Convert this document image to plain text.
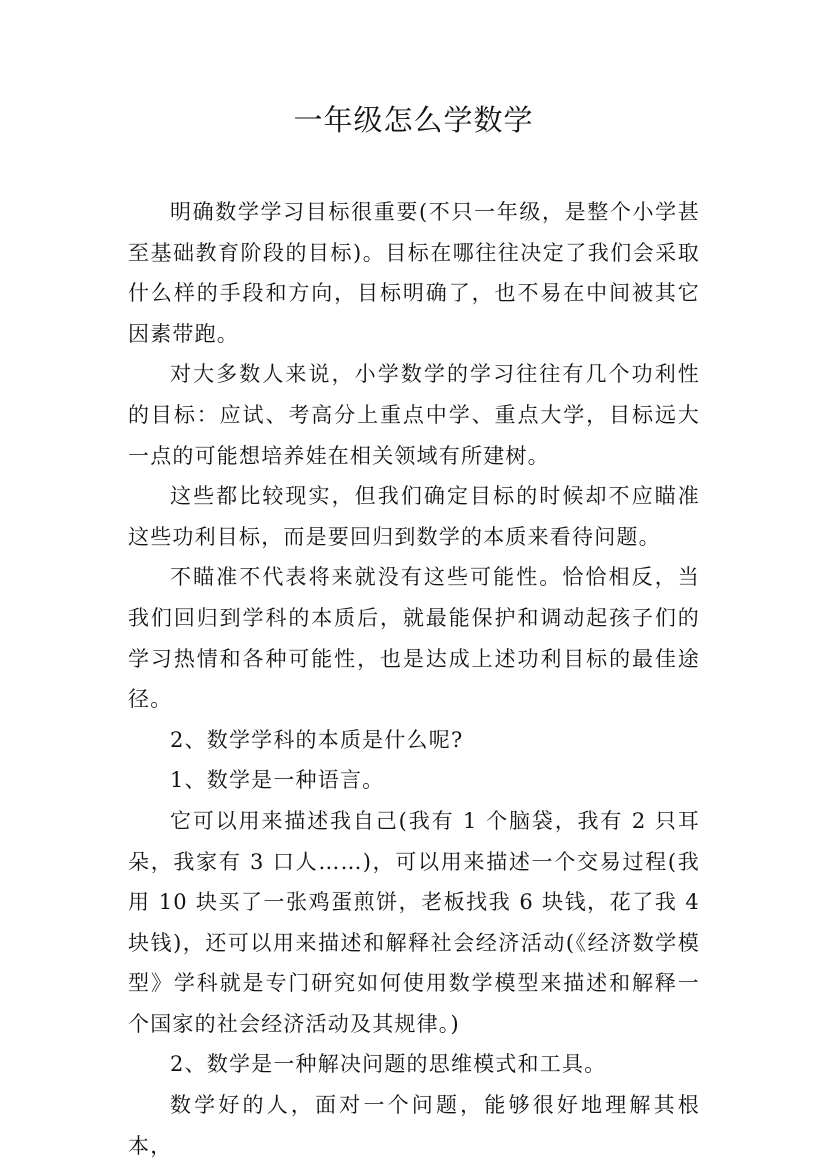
一年级怎么学数学

明确数学学习目标很重要(不只一年级，是整个小学甚至基础教育阶段的目标)。目标在哪往往决定了我们会采取什么样的手段和方向，目标明确了，也不易在中间被其它因素带跑。

对大多数人来说，小学数学的学习往往有几个功利性的目标：应试、考高分上重点中学、重点大学，目标远大一点的可能想培养娃在相关领域有所建树。

这些都比较现实，但我们确定目标的时候却不应瞄准这些功利目标，而是要回归到数学的本质来看待问题。

不瞄准不代表将来就没有这些可能性。恰恰相反，当我们回归到学科的本质后，就最能保护和调动起孩子们的学习热情和各种可能性，也是达成上述功利目标的最佳途径。

2、数学学科的本质是什么呢?

1、数学是一种语言。

它可以用来描述我自己(我有 1 个脑袋，我有 2 只耳朵，我家有 3 口人……)，可以用来描述一个交易过程(我用 10 块买了一张鸡蛋煎饼，老板找我 6 块钱，花了我 4 块钱)，还可以用来描述和解释社会经济活动(《经济数学模型》学科就是专门研究如何使用数学模型来描述和解释一个国家的社会经济活动及其规律。)

2、数学是一种解决问题的思维模式和工具。

数学好的人，面对一个问题，能够很好地理解其根本，
